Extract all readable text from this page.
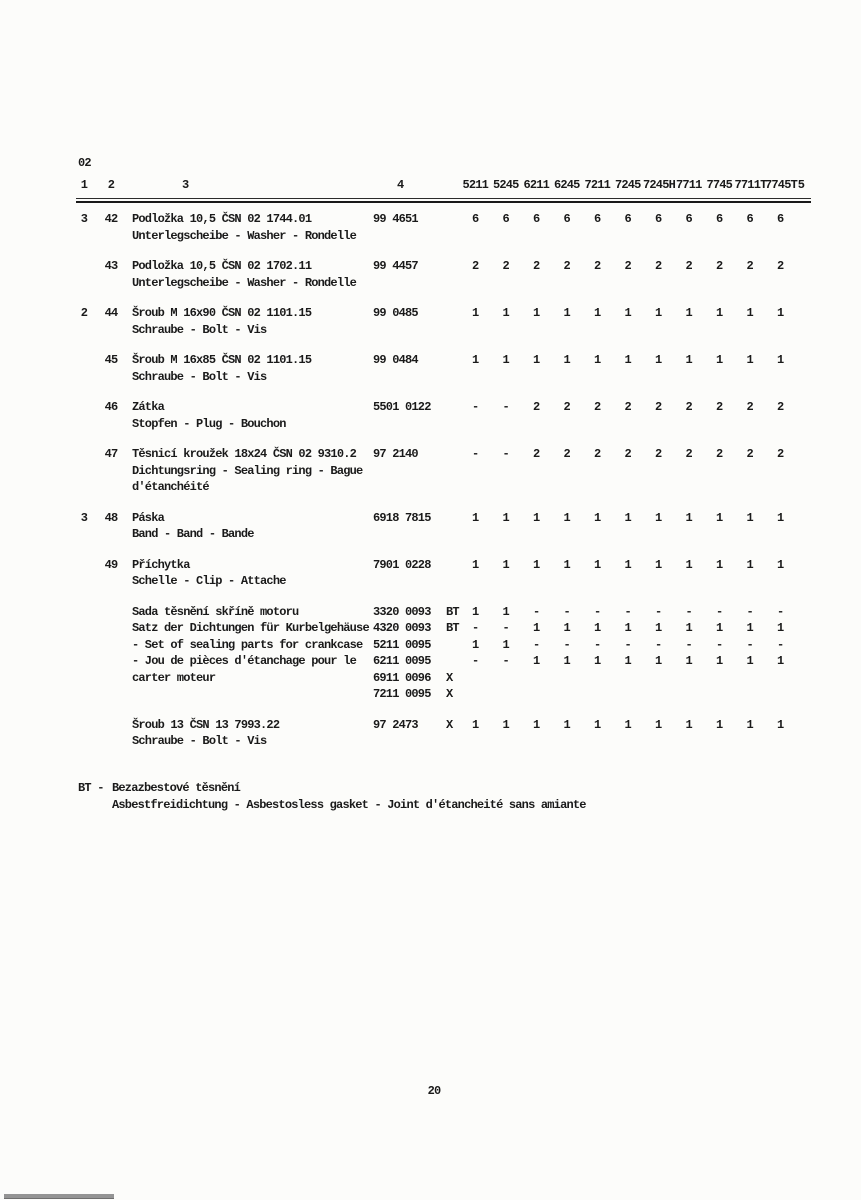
02
1	2	3	4	5211 5245 6211 6245 7211 7245 7245H7711 7745 7711T7745T 5
3	42	Podložka 10,5 ČSN 02 1744.01	99 4651	6 6 6 6 6 6 6 6 6 6 6
Unterlegscheibe - Washer - Rondelle
43	Podložka 10,5 ČSN 02 1702.11	99 4457	2 2 2 2 2 2 2 2 2 2 2
Unterlegscheibe - Washer - Rondelle
2	44	Šroub M 16x90 ČSN 02 1101.15	99 0485	1 1 1 1 1 1 1 1 1 1 1
Schraube - Bolt - Vis
45	Šroub M 16x85 ČSN 02 1101.15	99 0484	1 1 1 1 1 1 1 1 1 1 1
Schraube - Bolt - Vis
46	Zátka	5501 0122	- - 2 2 2 2 2 2 2 2 2
Stopfen - Plug - Bouchon
47	Těsnicí kroužek 18x24 ČSN 02 9310.2 97 2140	- - 2 2 2 2 2 2 2 2 2
Dichtungsring - Sealing ring - Bague
d'étanchéité
3	48	Páska	6918 7815	1 1 1 1 1 1 1 1 1 1 1
Band - Band - Bande
49	Příchytka	7901 0228	1 1 1 1 1 1 1 1 1 1 1
Schelle - Clip - Attache
Sada těsnění skříně motoru	3320 0093 BT	1 1 - - - - - - - - -
Satz der Dichtungen für Kurbelgehäuse 4320 0093 BT	- - 1 1 1 1 1 1 1 1 1
- Set of sealing parts for crankcase 5211 0095	1 1 - - - - - - - - -
- Jou de pièces d'étanchage pour le 6211 0095	- - 1 1 1 1 1 1 1 1 1
carter moteur	6911 0096 X
7211 0095 X
Šroub 13 ČSN 13 7993.22	97 2473 X	1 1 1 1 1 1 1 1 1 1 1
Schraube - Bolt - Vis
BT - Bezazbestové těsnění
Asbestfreidichtung - Asbestosless gasket - Joint d'étancheité sans amiante
20
